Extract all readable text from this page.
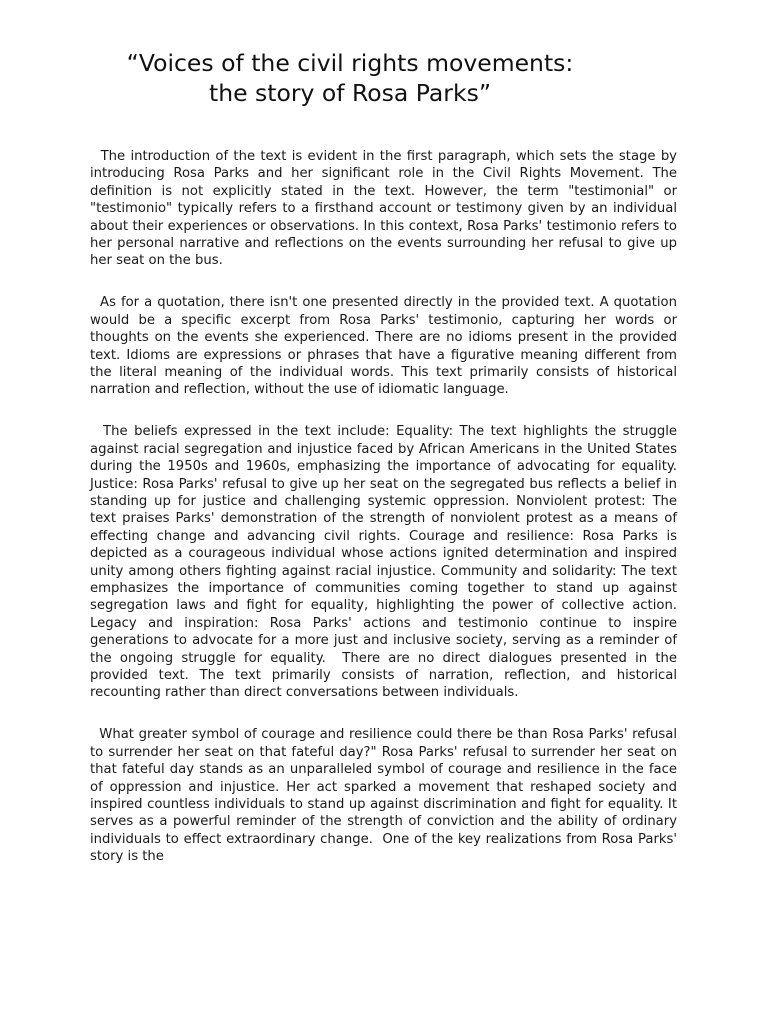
“Voices of the civil rights movements:
the story of Rosa Parks”

The introduction of the text is evident in the first paragraph, which sets the stage by introducing Rosa Parks and her significant role in the Civil Rights Movement. The definition is not explicitly stated in the text. However, the term "testimonial" or "testimonio" typically refers to a firsthand account or testimony given by an individual about their experiences or observations. In this context, Rosa Parks' testimonio refers to her personal narrative and reflections on the events surrounding her refusal to give up her seat on the bus.

As for a quotation, there isn't one presented directly in the provided text. A quotation would be a specific excerpt from Rosa Parks' testimonio, capturing her words or thoughts on the events she experienced. There are no idioms present in the provided text. Idioms are expressions or phrases that have a figurative meaning different from the literal meaning of the individual words. This text primarily consists of historical narration and reflection, without the use of idiomatic language.

The beliefs expressed in the text include: Equality: The text highlights the struggle against racial segregation and injustice faced by African Americans in the United States during the 1950s and 1960s, emphasizing the importance of advocating for equality. Justice: Rosa Parks' refusal to give up her seat on the segregated bus reflects a belief in standing up for justice and challenging systemic oppression. Nonviolent protest: The text praises Parks' demonstration of the strength of nonviolent protest as a means of effecting change and advancing civil rights. Courage and resilience: Rosa Parks is depicted as a courageous individual whose actions ignited determination and inspired unity among others fighting against racial injustice. Community and solidarity: The text emphasizes the importance of communities coming together to stand up against segregation laws and fight for equality, highlighting the power of collective action. Legacy and inspiration: Rosa Parks' actions and testimonio continue to inspire generations to advocate for a more just and inclusive society, serving as a reminder of the ongoing struggle for equality.  There are no direct dialogues presented in the provided text. The text primarily consists of narration, reflection, and historical recounting rather than direct conversations between individuals.

What greater symbol of courage and resilience could there be than Rosa Parks' refusal to surrender her seat on that fateful day?" Rosa Parks' refusal to surrender her seat on that fateful day stands as an unparalleled symbol of courage and resilience in the face of oppression and injustice. Her act sparked a movement that reshaped society and inspired countless individuals to stand up against discrimination and fight for equality. It serves as a powerful reminder of the strength of conviction and the ability of ordinary individuals to effect extraordinary change.  One of the key realizations from Rosa Parks' story is the
